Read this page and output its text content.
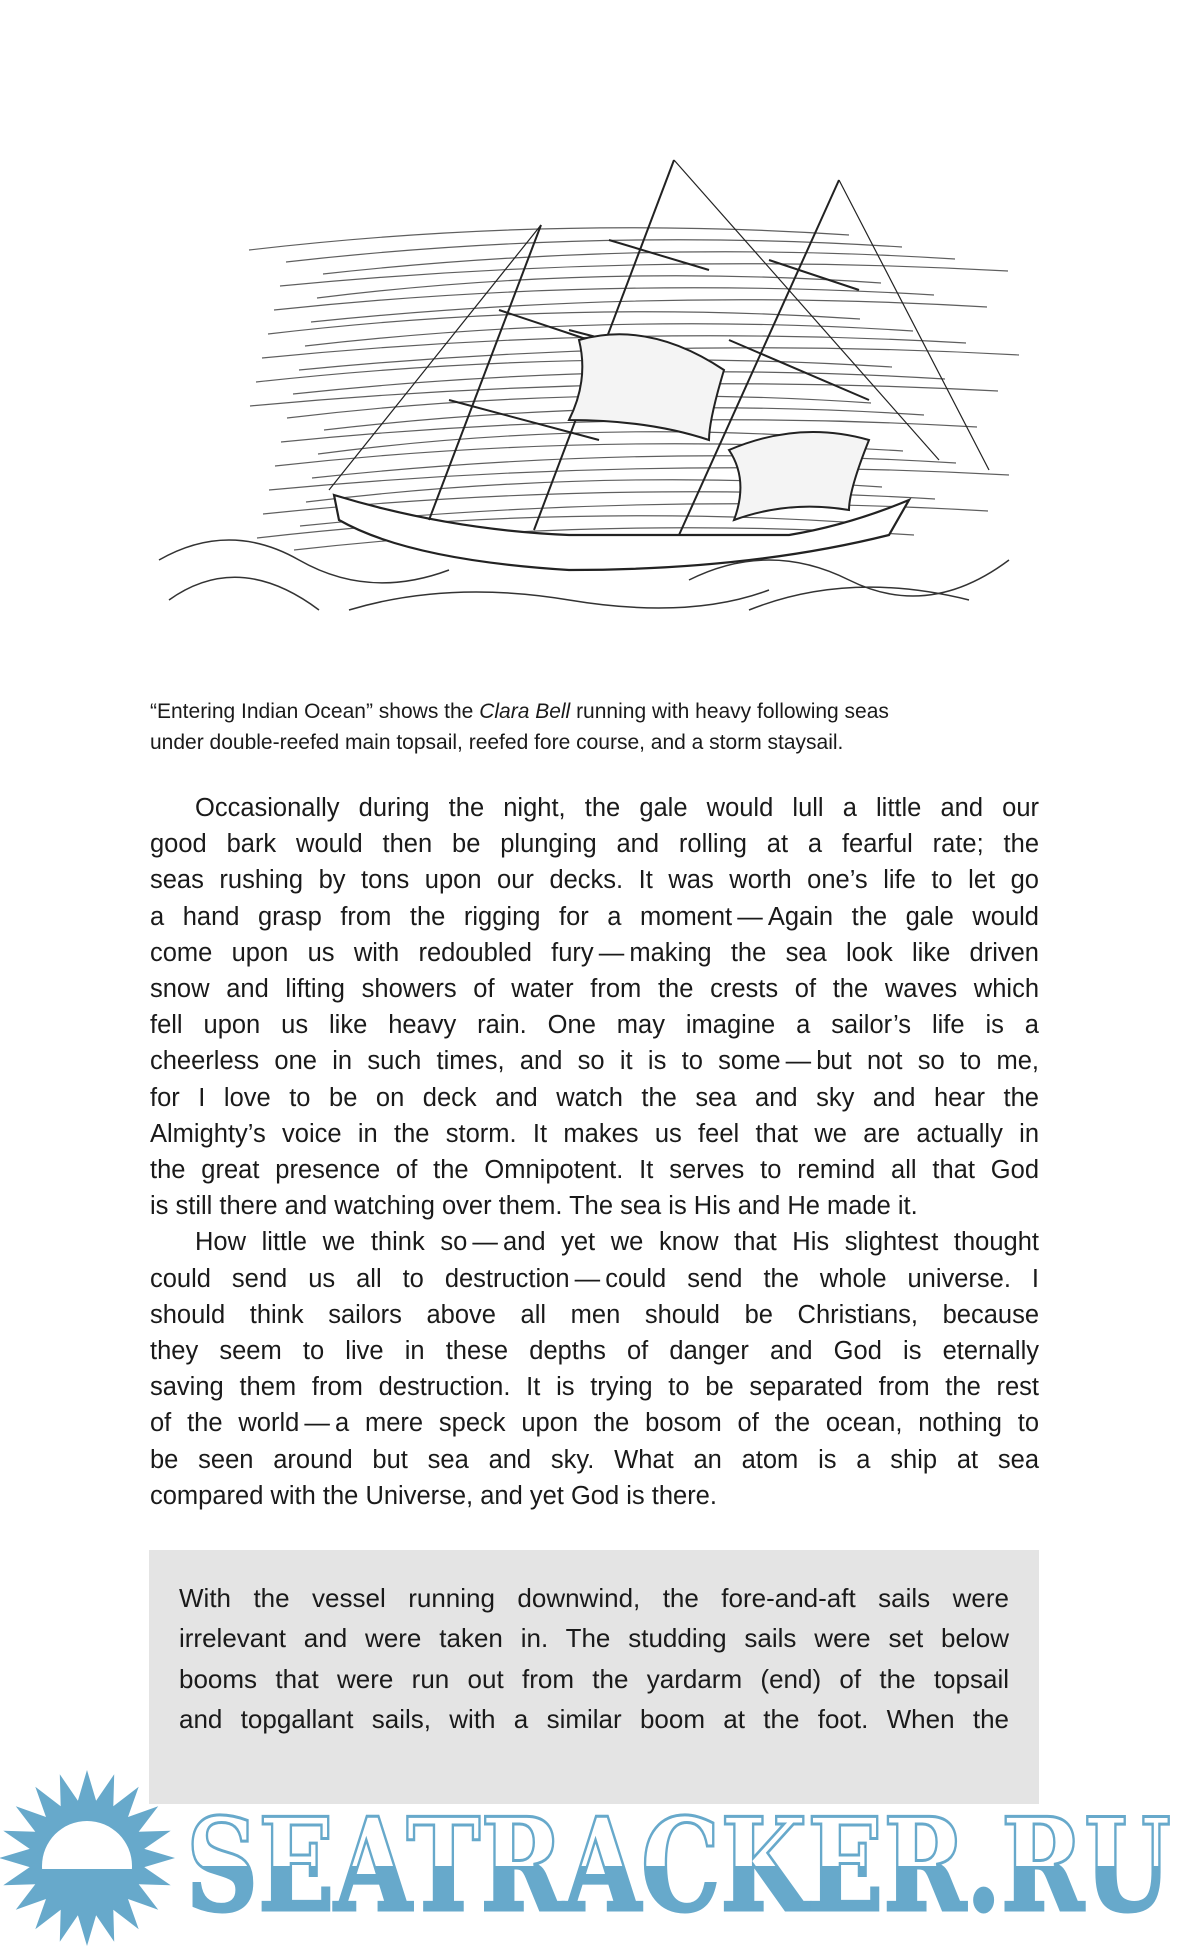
“Entering Indian Ocean” shows the Clara Bell running with heavy following seas
under double-reefed main topsail, reefed fore course, and a storm staysail.
Occasionally during the night, the gale would lull a little and our
good bark would then be plunging and rolling at a fearful rate; the
seas rushing by tons upon our decks. It was worth one’s life to let go
a hand grasp from the rigging for a moment — Again the gale would
come upon us with redoubled fury — making the sea look like driven
snow and lifting showers of water from the crests of the waves which
fell upon us like heavy rain. One may imagine a sailor’s life is a
cheerless one in such times, and so it is to some — but not so to me,
for I love to be on deck and watch the sea and sky and hear the
Almighty’s voice in the storm. It makes us feel that we are actually in
the great presence of the Omnipotent. It serves to remind all that God
is still there and watching over them. The sea is His and He made it.
How little we think so — and yet we know that His slightest thought
could send us all to destruction — could send the whole universe. I
should think sailors above all men should be Christians, because
they seem to live in these depths of danger and God is eternally
saving them from destruction. It is trying to be separated from the rest
of the world — a mere speck upon the bosom of the ocean, nothing to
be seen around but sea and sky. What an atom is a ship at sea
compared with the Universe, and yet God is there.
With the vessel running downwind, the fore-and-aft sails were
irrelevant and were taken in. The studding sails were set below
booms that were run out from the yardarm (end) of the topsail
and topgallant sails, with a similar boom at the foot. When the
SEATRACKER.RU
